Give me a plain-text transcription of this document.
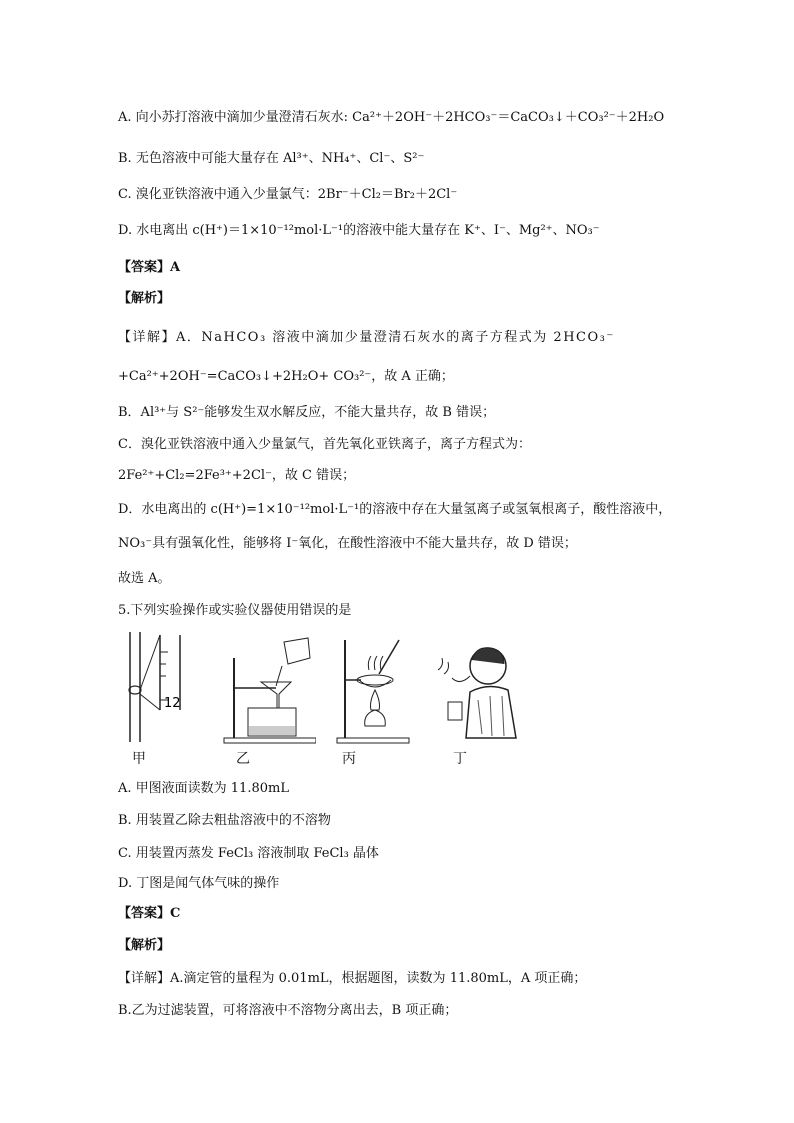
A. 向小苏打溶液中滴加少量澄清石灰水: Ca²⁺＋2OH⁻＋2HCO₃⁻＝CaCO₃↓＋CO₃²⁻＋2H₂O
B. 无色溶液中可能大量存在 Al³⁺、NH₄⁺、Cl⁻、S²⁻
C. 溴化亚铁溶液中通入少量氯气：2Br⁻＋Cl₂＝Br₂＋2Cl⁻
D. 水电离出 c(H⁺)＝1×10⁻¹²mol·L⁻¹的溶液中能大量存在 K⁺、I⁻、Mg²⁺、NO₃⁻
【答案】A
【解析】
【详解】A．NaHCO₃ 溶液中滴加少量澄清石灰水的离子方程式为 2HCO₃⁻
+Ca²⁺+2OH⁻=CaCO₃↓+2H₂O+ CO₃²⁻，故 A 正确；
B．Al³⁺与 S²⁻能够发生双水解反应，不能大量共存，故 B 错误；
C．溴化亚铁溶液中通入少量氯气，首先氧化亚铁离子，离子方程式为：
2Fe²⁺+Cl₂=2Fe³⁺+2Cl⁻，故 C 错误；
D．水电离出的 c(H⁺)=1×10⁻¹²mol·L⁻¹的溶液中存在大量氢离子或氢氧根离子，酸性溶液中，
NO₃⁻具有强氧化性，能够将 I⁻氧化，在酸性溶液中不能大量共存，故 D 错误；
故选 A。
5.下列实验操作或实验仪器使用错误的是
12
甲	乙	丙	丁
A. 甲图液面读数为 11.80mL
B. 用装置乙除去粗盐溶液中的不溶物
C. 用装置丙蒸发 FeCl₃ 溶液制取 FeCl₃ 晶体
D. 丁图是闻气体气味的操作
【答案】C
【解析】
【详解】A.滴定管的量程为 0.01mL，根据题图，读数为 11.80mL，A 项正确；
B.乙为过滤装置，可将溶液中不溶物分离出去，B 项正确；
